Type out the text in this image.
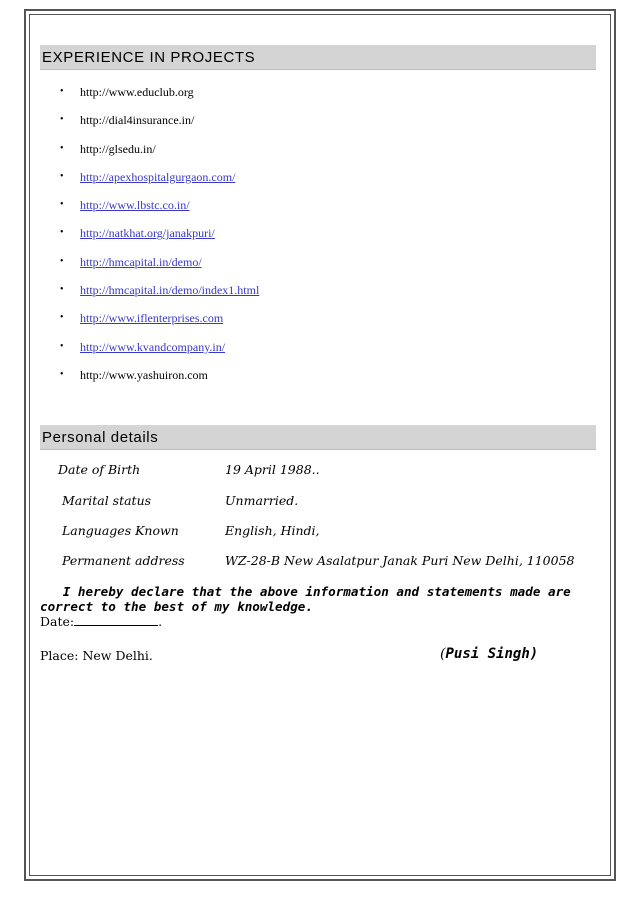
EXPERIENCE IN PROJECTS
•	http://www.educlub.org
•	http://dial4insurance.in/
•	http://glsedu.in/
•	http://apexhospitalgurgaon.com/
•	http://www.lbstc.co.in/
•	http://natkhat.org/janakpuri/
•	http://hmcapital.in/demo/
•	http://hmcapital.in/demo/index1.html
•	http://www.iflenterprises.com
•	http://www.kvandcompany.in/
•	http://www.yashuiron.com
Personal details
Date of Birth	19 April 1988..
Marital status	Unmarried.
Languages Known	English, Hindi,
Permanent address	WZ-28-B New Asalatpur Janak Puri New Delhi, 110058
I hereby declare that the above information and statements made are correct to the best of my knowledge.
Date:	.
Place: New Delhi.	(Pusi Singh)
